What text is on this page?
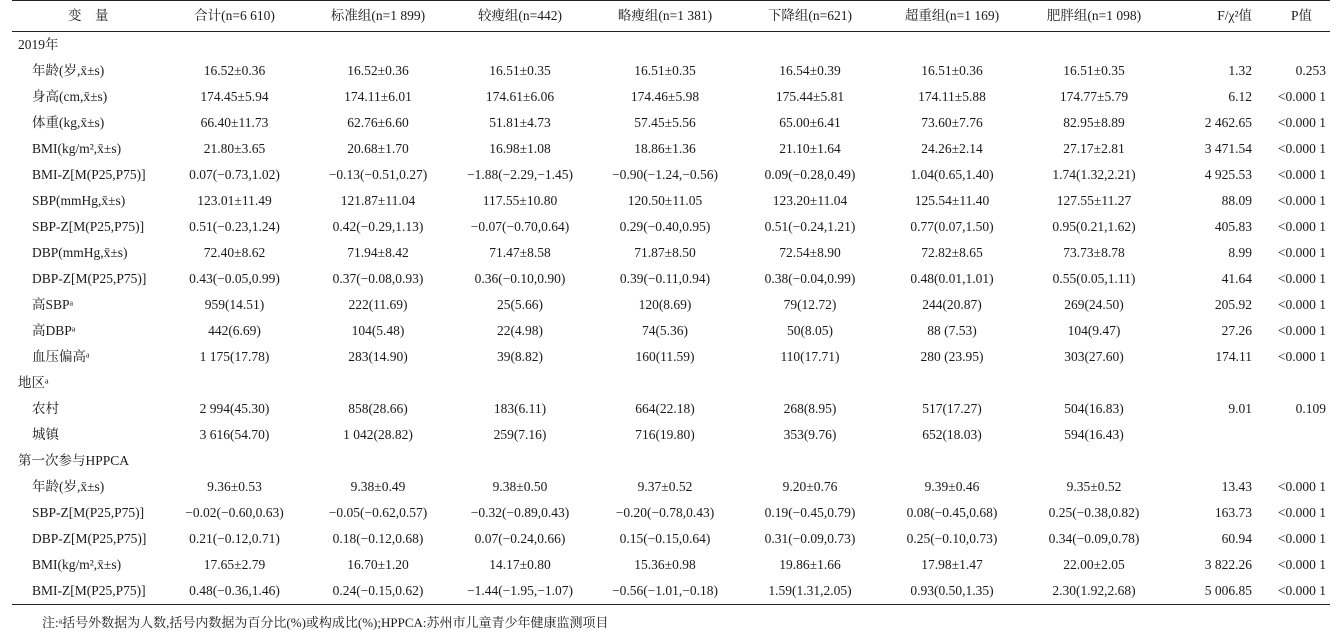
变　量	合计(n=6 610)	标准组(n=1 899)	较瘦组(n=442)	略瘦组(n=1 381)	下降组(n=621)	超重组(n=1 169)	肥胖组(n=1 098)	F/χ²值	P值
2019年									
年龄(岁,x̄±s)	16.52±0.36	16.52±0.36	16.51±0.35	16.51±0.35	16.54±0.39	16.51±0.36	16.51±0.35	1.32	0.253
身高(cm,x̄±s)	174.45±5.94	174.11±6.01	174.61±6.06	174.46±5.98	175.44±5.81	174.11±5.88	174.77±5.79	6.12	<0.000 1
体重(kg,x̄±s)	66.40±11.73	62.76±6.60	51.81±4.73	57.45±5.56	65.00±6.41	73.60±7.76	82.95±8.89	2 462.65	<0.000 1
BMI(kg/m²,x̄±s)	21.80±3.65	20.68±1.70	16.98±1.08	18.86±1.36	21.10±1.64	24.26±2.14	27.17±2.81	3 471.54	<0.000 1
BMI-Z[M(P25,P75)]	0.07(−0.73,1.02)	−0.13(−0.51,0.27)	−1.88(−2.29,−1.45)	−0.90(−1.24,−0.56)	0.09(−0.28,0.49)	1.04(0.65,1.40)	1.74(1.32,2.21)	4 925.53	<0.000 1
SBP(mmHg,x̄±s)	123.01±11.49	121.87±11.04	117.55±10.80	120.50±11.05	123.20±11.04	125.54±11.40	127.55±11.27	88.09	<0.000 1
SBP-Z[M(P25,P75)]	0.51(−0.23,1.24)	0.42(−0.29,1.13)	−0.07(−0.70,0.64)	0.29(−0.40,0.95)	0.51(−0.24,1.21)	0.77(0.07,1.50)	0.95(0.21,1.62)	405.83	<0.000 1
DBP(mmHg,x̄±s)	72.40±8.62	71.94±8.42	71.47±8.58	71.87±8.50	72.54±8.90	72.82±8.65	73.73±8.78	8.99	<0.000 1
DBP-Z[M(P25,P75)]	0.43(−0.05,0.99)	0.37(−0.08,0.93)	0.36(−0.10,0.90)	0.39(−0.11,0.94)	0.38(−0.04,0.99)	0.48(0.01,1.01)	0.55(0.05,1.11)	41.64	<0.000 1
高SBPᵃ	959(14.51)	222(11.69)	25(5.66)	120(8.69)	79(12.72)	244(20.87)	269(24.50)	205.92	<0.000 1
高DBPᵃ	442(6.69)	104(5.48)	22(4.98)	74(5.36)	50(8.05)	88 (7.53)	104(9.47)	27.26	<0.000 1
血压偏高ᵃ	1 175(17.78)	283(14.90)	39(8.82)	160(11.59)	110(17.71)	280 (23.95)	303(27.60)	174.11	<0.000 1
地区ᵃ									
农村	2 994(45.30)	858(28.66)	183(6.11)	664(22.18)	268(8.95)	517(17.27)	504(16.83)	9.01	0.109
城镇	3 616(54.70)	1 042(28.82)	259(7.16)	716(19.80)	353(9.76)	652(18.03)	594(16.43)		
第一次参与HPPCA									
年龄(岁,x̄±s)	9.36±0.53	9.38±0.49	9.38±0.50	9.37±0.52	9.20±0.76	9.39±0.46	9.35±0.52	13.43	<0.000 1
SBP-Z[M(P25,P75)]	−0.02(−0.60,0.63)	−0.05(−0.62,0.57)	−0.32(−0.89,0.43)	−0.20(−0.78,0.43)	0.19(−0.45,0.79)	0.08(−0.45,0.68)	0.25(−0.38,0.82)	163.73	<0.000 1
DBP-Z[M(P25,P75)]	0.21(−0.12,0.71)	0.18(−0.12,0.68)	0.07(−0.24,0.66)	0.15(−0.15,0.64)	0.31(−0.09,0.73)	0.25(−0.10,0.73)	0.34(−0.09,0.78)	60.94	<0.000 1
BMI(kg/m²,x̄±s)	17.65±2.79	16.70±1.20	14.17±0.80	15.36±0.98	19.86±1.66	17.98±1.47	22.00±2.05	3 822.26	<0.000 1
BMI-Z[M(P25,P75)]	0.48(−0.36,1.46)	0.24(−0.15,0.62)	−1.44(−1.95,−1.07)	−0.56(−1.01,−0.18)	1.59(1.31,2.05)	0.93(0.50,1.35)	2.30(1.92,2.68)	5 006.85	<0.000 1
注:ᵃ括号外数据为人数,括号内数据为百分比(%)或构成比(%);HPPCA:苏州市儿童青少年健康监测项目
